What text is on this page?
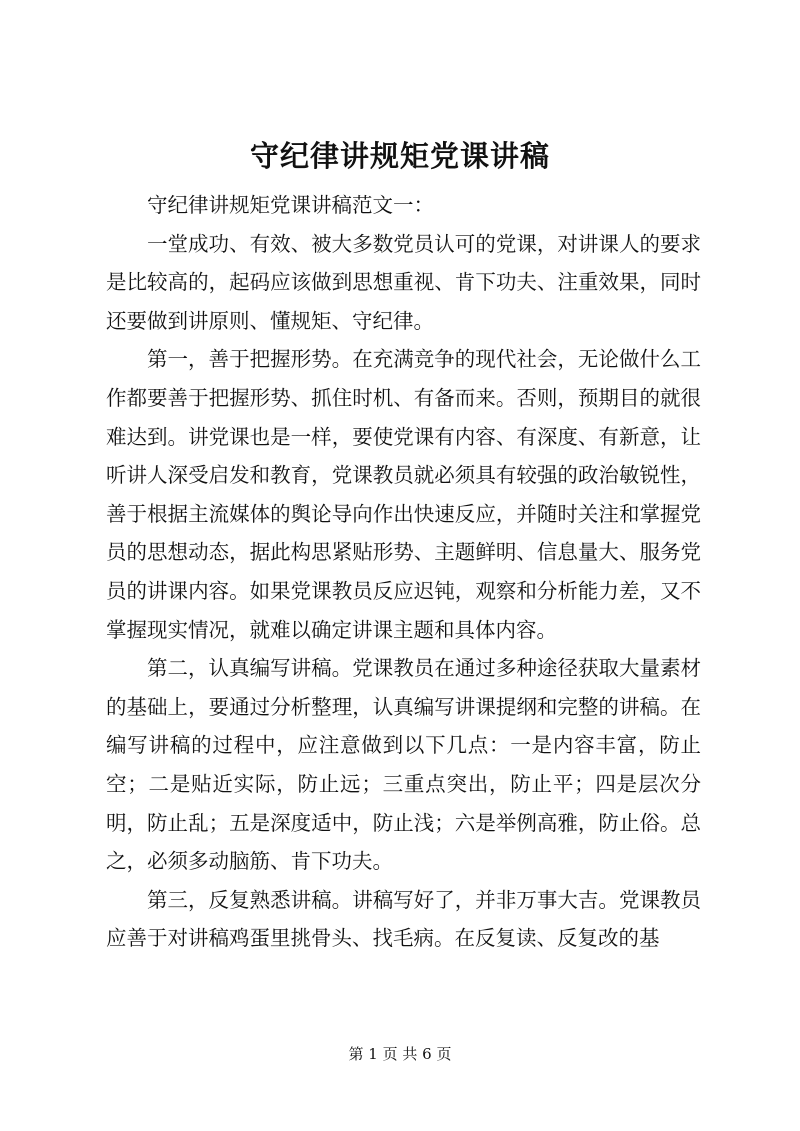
守纪律讲规矩党课讲稿

守纪律讲规矩党课讲稿范文一：

一堂成功、有效、被大多数党员认可的党课，对讲课人的要求是比较高的，起码应该做到思想重视、肯下功夫、注重效果，同时还要做到讲原则、懂规矩、守纪律。

第一，善于把握形势。在充满竞争的现代社会，无论做什么工作都要善于把握形势、抓住时机、有备而来。否则，预期目的就很难达到。讲党课也是一样，要使党课有内容、有深度、有新意，让听讲人深受启发和教育，党课教员就必须具有较强的政治敏锐性，善于根据主流媒体的舆论导向作出快速反应，并随时关注和掌握党员的思想动态，据此构思紧贴形势、主题鲜明、信息量大、服务党员的讲课内容。如果党课教员反应迟钝，观察和分析能力差，又不掌握现实情况，就难以确定讲课主题和具体内容。

第二，认真编写讲稿。党课教员在通过多种途径获取大量素材的基础上，要通过分析整理，认真编写讲课提纲和完整的讲稿。在编写讲稿的过程中，应注意做到以下几点：一是内容丰富，防止空；二是贴近实际，防止远；三重点突出，防止平；四是层次分明，防止乱；五是深度适中，防止浅；六是举例高雅，防止俗。总之，必须多动脑筋、肯下功夫。

第三，反复熟悉讲稿。讲稿写好了，并非万事大吉。党课教员应善于对讲稿鸡蛋里挑骨头、找毛病。在反复读、反复改的基

第 1 页 共 6 页
